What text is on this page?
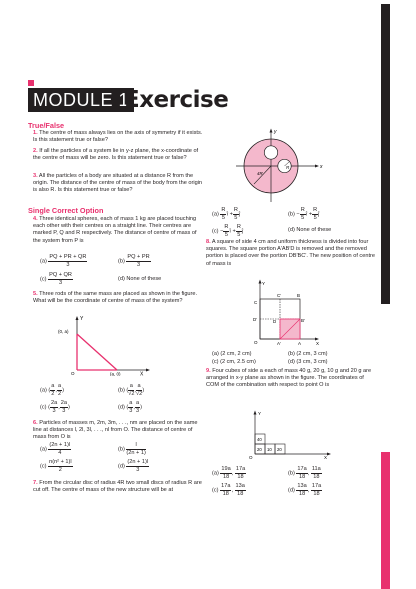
MODULE 1
Exercise
True/False
1. The centre of mass always lies on the axis of symmetry if it exists. Is this statement true or false?
2. If all the particles of a system lie in y-z plane, the x-coordinate of the centre of mass will be zero. Is this statement true or false?
3. All the particles of a body are situated at a distance R from the origin. The distance of the centre of mass of the body from the origin is also R. Is this statement true or false?
Single Correct Option
4. Three identical spheres, each of mass 1 kg are placed touching each other with their centres on a straight line. Their centres are marked P, Q and R respectively. The distance of centre of mass of the system from P is
$(a) \frac{PQ + PR + QR}{3}$	$(b) \frac{PQ + PR}{3}$
$(c) \frac{PQ + QR}{3}$	(d) None of these
5. Three rods of the same mass are placed as shown in the figure. What will be the coordinate of centre of mass of the system?
Y
(0, a)
O	(a, 0)	X
(a) ( $\frac{a}{2}$ , $\frac{a}{2}$ )	(b) ( $\frac{a}{√2}$ , $\frac{a}{√2}$ )
(c) ( $\frac{2a}{3}$ , $\frac{2a}{3}$ )	(d) ( $\frac{a}{3}$ , $\frac{a}{3}$ )
6. Particles of masses m, 2m, 3m, . . ., nm are placed on the same line at distances l, 2l, 3l, . . ., nl from O. The distance of centre of mass from O is
$(a) \frac{(2n + 1)l}{4}$	$(b) \frac{l}{(2n + 1)}$
$(c) \frac{\text{n(n² + 1)l}}{2}$	$(d) \frac{(2n + 1)l}{3}$
7. From the circular disc of radius 4R two small discs of radius R are cut off. The centre of mass of the new structure will be at
4R
R
y
x
$(a) \frac{R}{5}$ î + $\frac{R}{5}$ ĵ	$(b) - \frac{R}{5}$ î + $\frac{R}{5}$ ĵ
$(c) - \frac{R}{5}$ î + $\frac{R}{5}$ ĵ	(d) None of these
8. A square of side 4 cm and uniform thickness is divided into four squares. The square portion A′ABʹD is removed and the removed portion is placed over the portion DB′BC′. The new position of centre of mass is
Y
C
C′	B
D′	B′
D
O	A′	A	X
(a) (2 cm, 2 cm)	(b) (2 cm, 3 cm)
(c) (2 cm, 2.5 cm)	(d) (3 cm, 3 cm)
9. Four cubes of side a each of mass 40 g, 20 g, 10 g and 20 g are arranged in x-y plane as shown in the figure. The coordinates of COM of the combination with respect to point O is
40
20 10 20
Y
O	X
$(a) \frac{19a}{18}$ , $\frac{17a}{18}$	$(b) \frac{17a}{18}$ , $\frac{11a}{18}$
$(c) \frac{17a}{18}$ , $\frac{13a}{18}$	$(d) \frac{13a}{18}$ , $\frac{17a}{18}$
